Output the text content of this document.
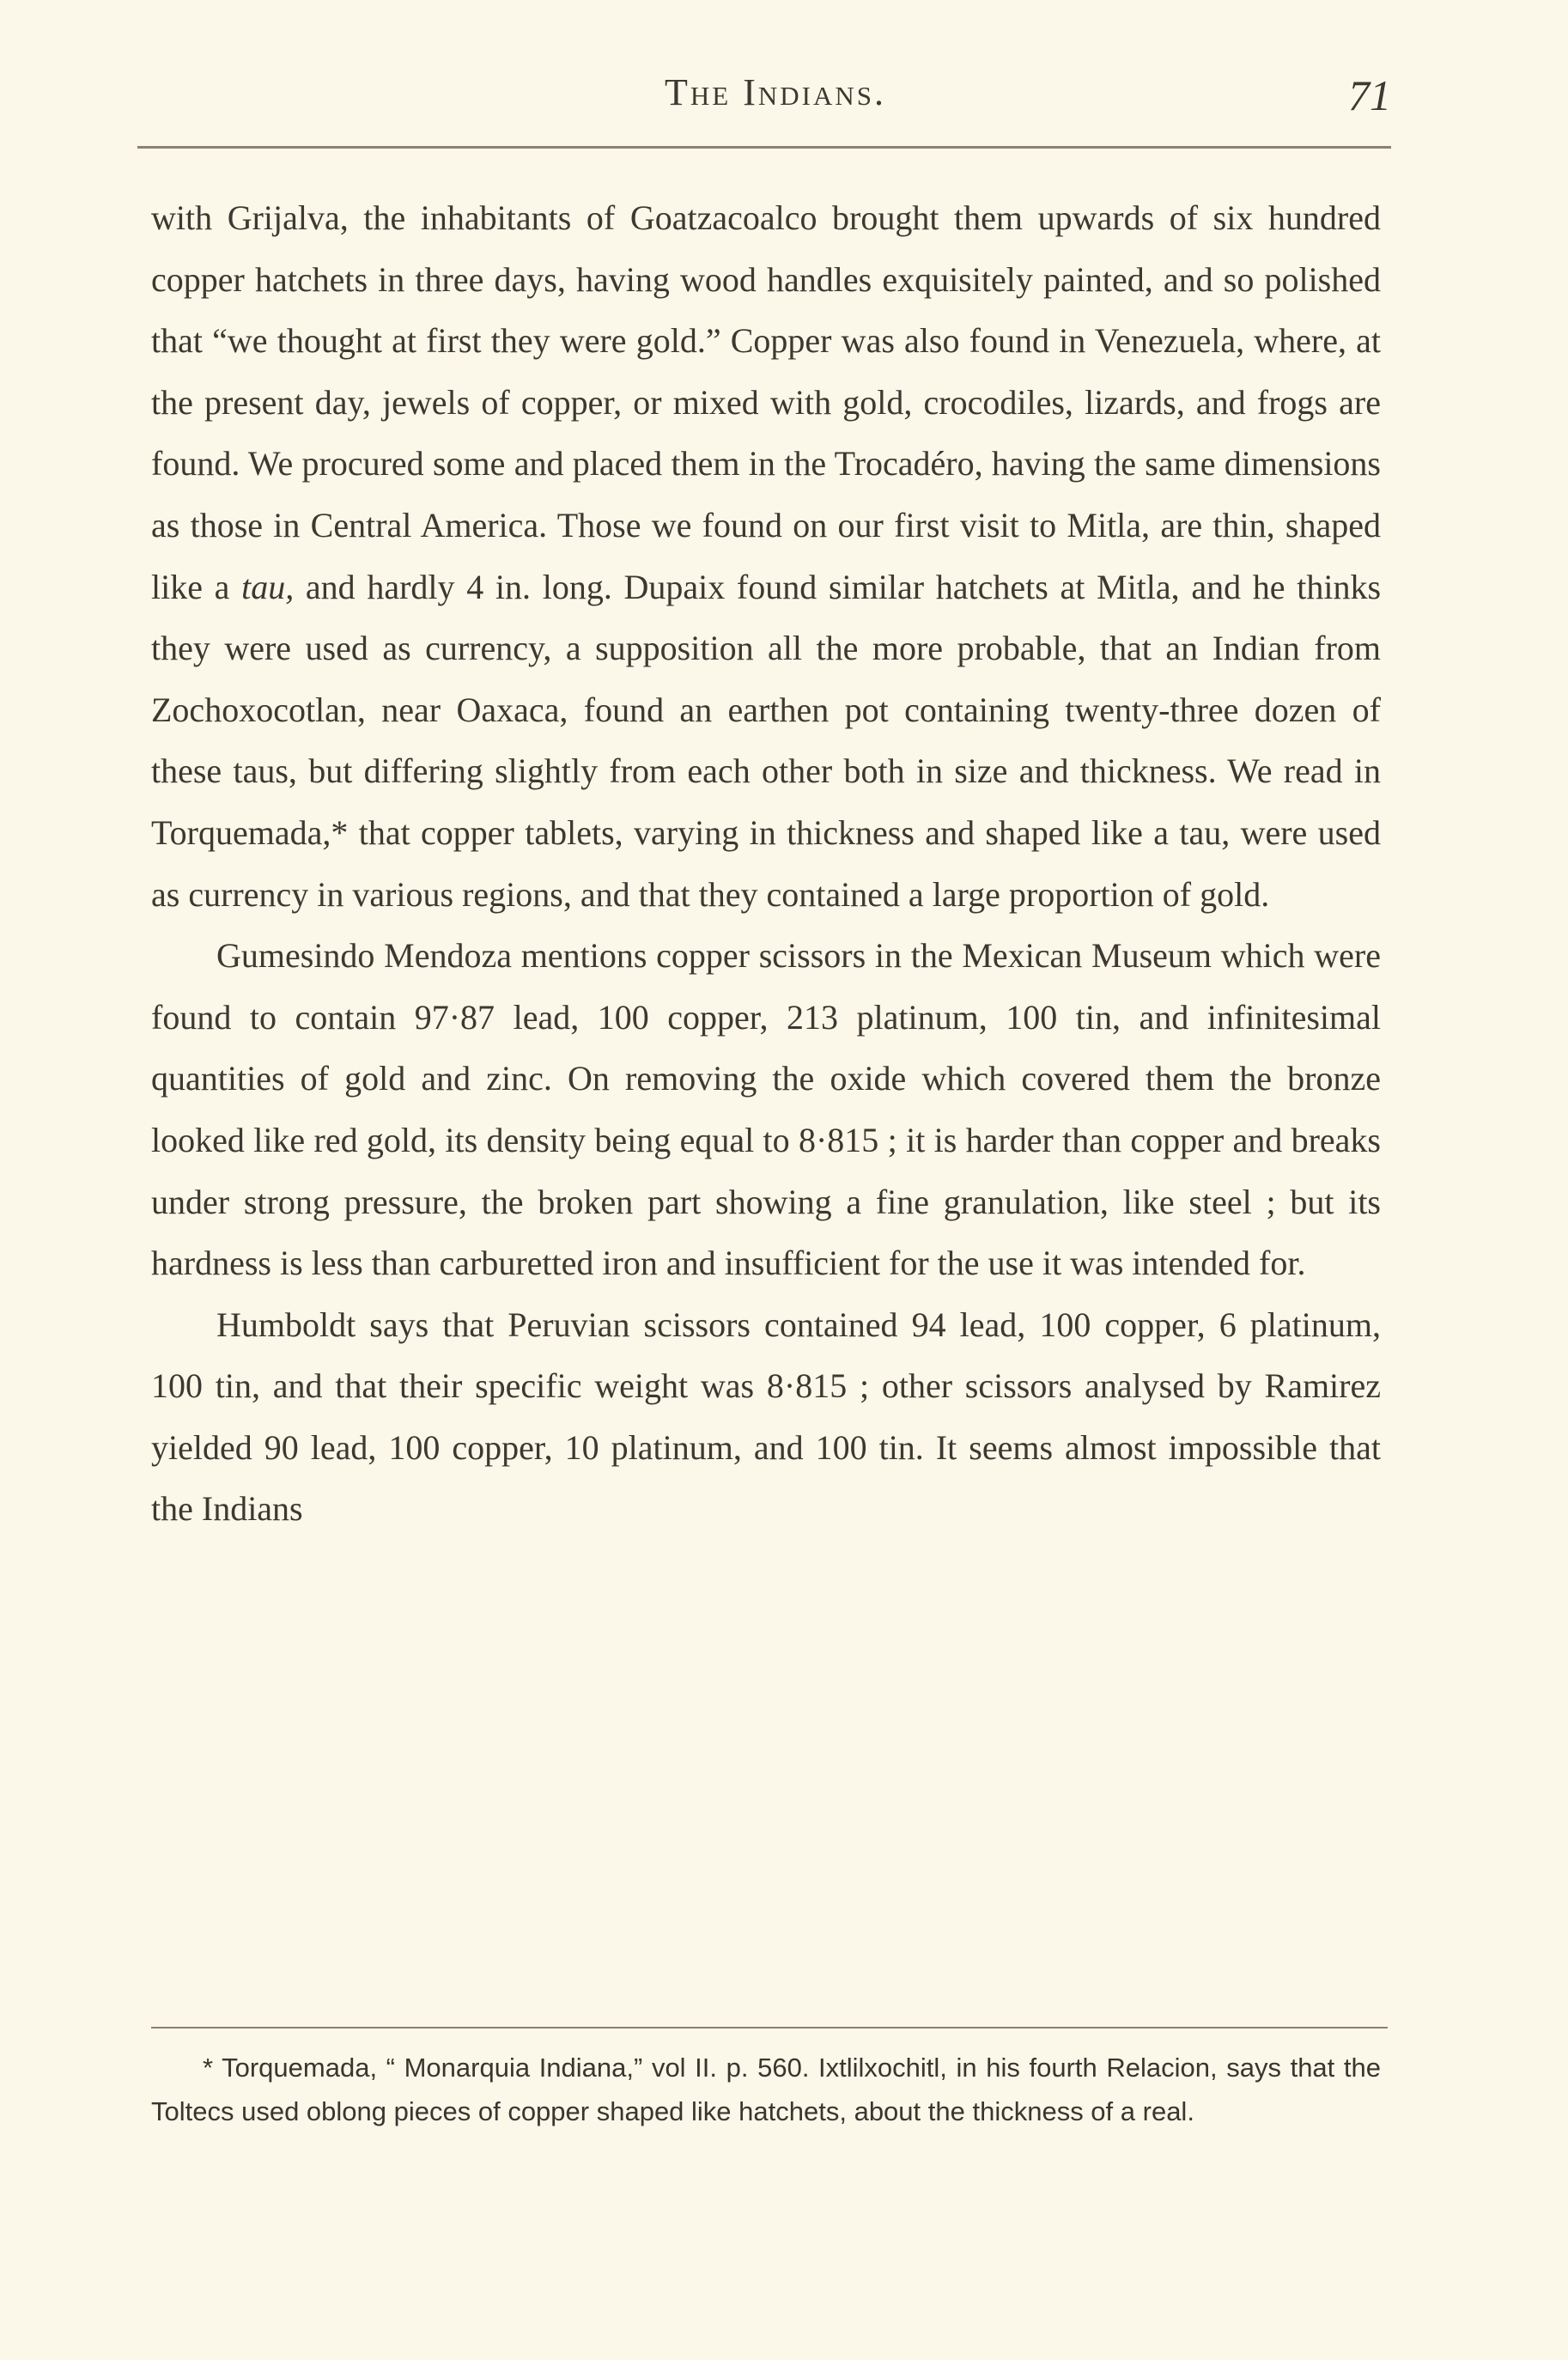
The Indians.	71

with Grijalva, the inhabitants of Goatzacoalco brought them upwards of six hundred copper hatchets in three days, having wood handles exquisitely painted, and so polished that “we thought at first they were gold.” Copper was also found in Venezuela, where, at the present day, jewels of copper, or mixed with gold, crocodiles, lizards, and frogs are found. We procured some and placed them in the Trocadéro, having the same dimensions as those in Central America. Those we found on our first visit to Mitla, are thin, shaped like a tau, and hardly 4 in. long. Dupaix found similar hatchets at Mitla, and he thinks they were used as currency, a supposition all the more probable, that an Indian from Zochoxocotlan, near Oaxaca, found an earthen pot containing twenty-three dozen of these taus, but differing slightly from each other both in size and thickness. We read in Torquemada,* that copper tablets, varying in thickness and shaped like a tau, were used as currency in various regions, and that they contained a large proportion of gold.

Gumesindo Mendoza mentions copper scissors in the Mexican Museum which were found to contain 97·87 lead, 100 copper, 213 platinum, 100 tin, and infinitesimal quantities of gold and zinc. On removing the oxide which covered them the bronze looked like red gold, its density being equal to 8·815 ; it is harder than copper and breaks under strong pressure, the broken part showing a fine granulation, like steel ; but its hardness is less than carburetted iron and insufficient for the use it was intended for.

Humboldt says that Peruvian scissors contained 94 lead, 100 copper, 6 platinum, 100 tin, and that their specific weight was 8·815 ; other scissors analysed by Ramirez yielded 90 lead, 100 copper, 10 platinum, and 100 tin. It seems almost impossible that the Indians

* Torquemada, “ Monarquia Indiana,” vol II. p. 560. Ixtlilxochitl, in his fourth Relacion, says that the Toltecs used oblong pieces of copper shaped like hatchets, about the thickness of a real.
